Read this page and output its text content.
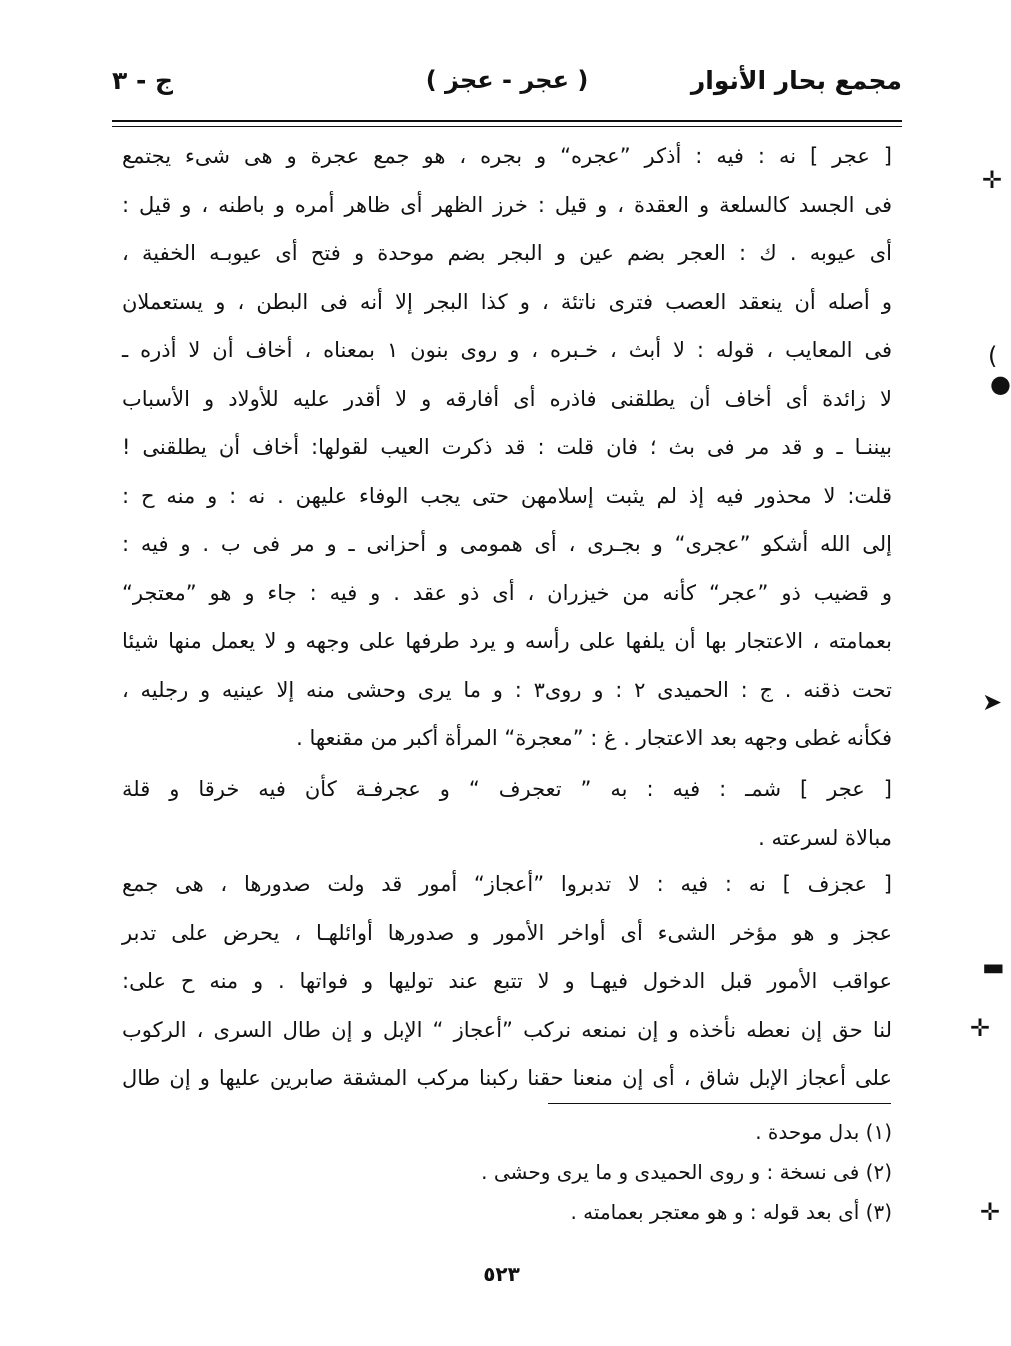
مجمع بحار الأنوار
( عجر - عجز )
ج - ٣
[ عجر ] نه : فيه : أذكر ”عجره“ و بجره ، هو جمع عجرة و هى شىء يجتمع
فى الجسد كالسلعة و العقدة ، و قيل : خرز الظهر أى ظاهر أمره و باطنه ، و قيل :
أى عيوبه . ك : العجر بضم عين و البجر بضم موحدة و فتح أى عيوبـه الخفية ،
و أصله أن ينعقد العصب فترى ناتئة ، و كذا البجر إلا أنه فى البطن ، و يستعملان
فى المعايب ، قوله : لا أبث ، خـبره ، و روى بنون ١ بمعناه ، أخاف أن لا أذره ـ
لا زائدة أى أخاف أن يطلقنى فاذره أى أفارقه و لا أقدر عليه للأولاد و الأسباب
بيننـا ـ و قد مر فى بث ؛ فان قلت : قد ذكرت العيب لقولها: أخاف أن يطلقنى !
قلت: لا محذور فيه إذ لم يثبت إسلامهن حتى يجب الوفاء عليهن . نه : و منه ح :
إلى الله أشكو ”عجرى“ و بجـرى ، أى همومى و أحزانى ـ و مر فى ب . و فيه :
و قضيب ذو ”عجر“ كأنه من خيزران ، أى ذو عقد . و فيه : جاء و هو ”معتجر“
بعمامته ، الاعتجار بها أن يلفها على رأسه و يرد طرفها على وجهه و لا يعمل منها شيئا
تحت ذقنه . ج : الحميدى ٢ : و روى٣ : و ما يرى وحشى منه إلا عينيه و رجليه ،
فكأنه غطى وجهه بعد الاعتجار . غ : ”معجرة“ المرأة أكبر من مقنعها .
[ عجر ] شمـ : فيه : به ” تعجرف “ و عجرفـة كأن فيه خرقا و قلة
مبالاة لسرعته .
[ عجزف ] نه : فيه : لا تدبروا ”أعجاز“ أمور قد ولت صدورها ، هى جمع
عجز و هو مؤخر الشىء أى أواخر الأمور و صدورها أوائلهـا ، يحرض على تدبر
عواقب الأمور قبل الدخول فيهـا و لا تتبع عند توليها و فواتها . و منه ح على:
لنا حق إن نعطه نأخذه و إن نمنعه نركب ”أعجاز “ الإبل و إن طال السرى ، الركوب
على أعجاز الإبل شاق ، أى إن منعنا حقنا ركبنا مركب المشقة صابرين عليها و إن طال
(١) بدل موحدة .
(٢) فى نسخة : و روى الحميدى و ما يرى وحشى .
(٣) أى بعد قوله : و هو معتجر بعمامته .
٥٢٣
✛
(
●
➤
▬
✛
✛
